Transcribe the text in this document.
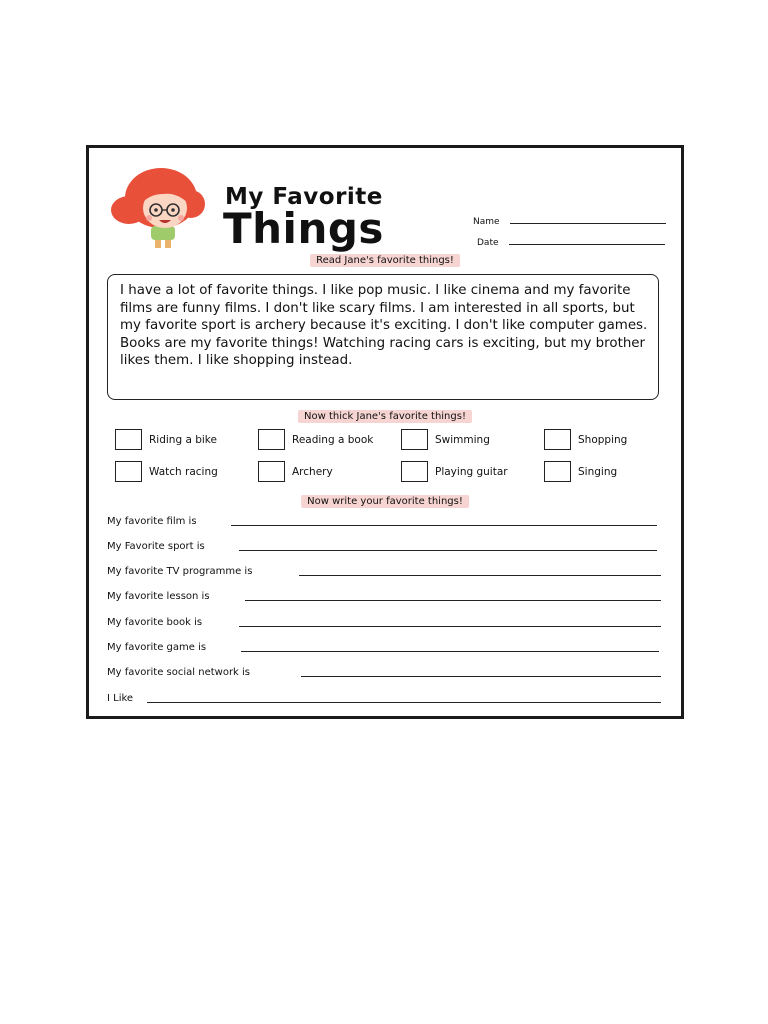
My Favorite
Things	Name
Date
Read Jane's favorite things!
I have a lot of favorite things. I like pop music. I like cinema and my favorite films are funny films. I don't like scary films. I am interested in all sports, but my favorite sport is archery because it's exciting. I don't like computer games. Books are my favorite things! Watching racing cars is exciting, but my brother likes them. I like shopping instead.
Now thick Jane's favorite things!
Riding a bike	Reading a book	Swimming	Shopping
Watch racing	Archery	Playing guitar	Singing
Now write your favorite things!
My favorite film is
My Favorite sport is
My favorite TV programme is
My favorite lesson is
My favorite book is
My favorite game is
My favorite social network is
I Like
